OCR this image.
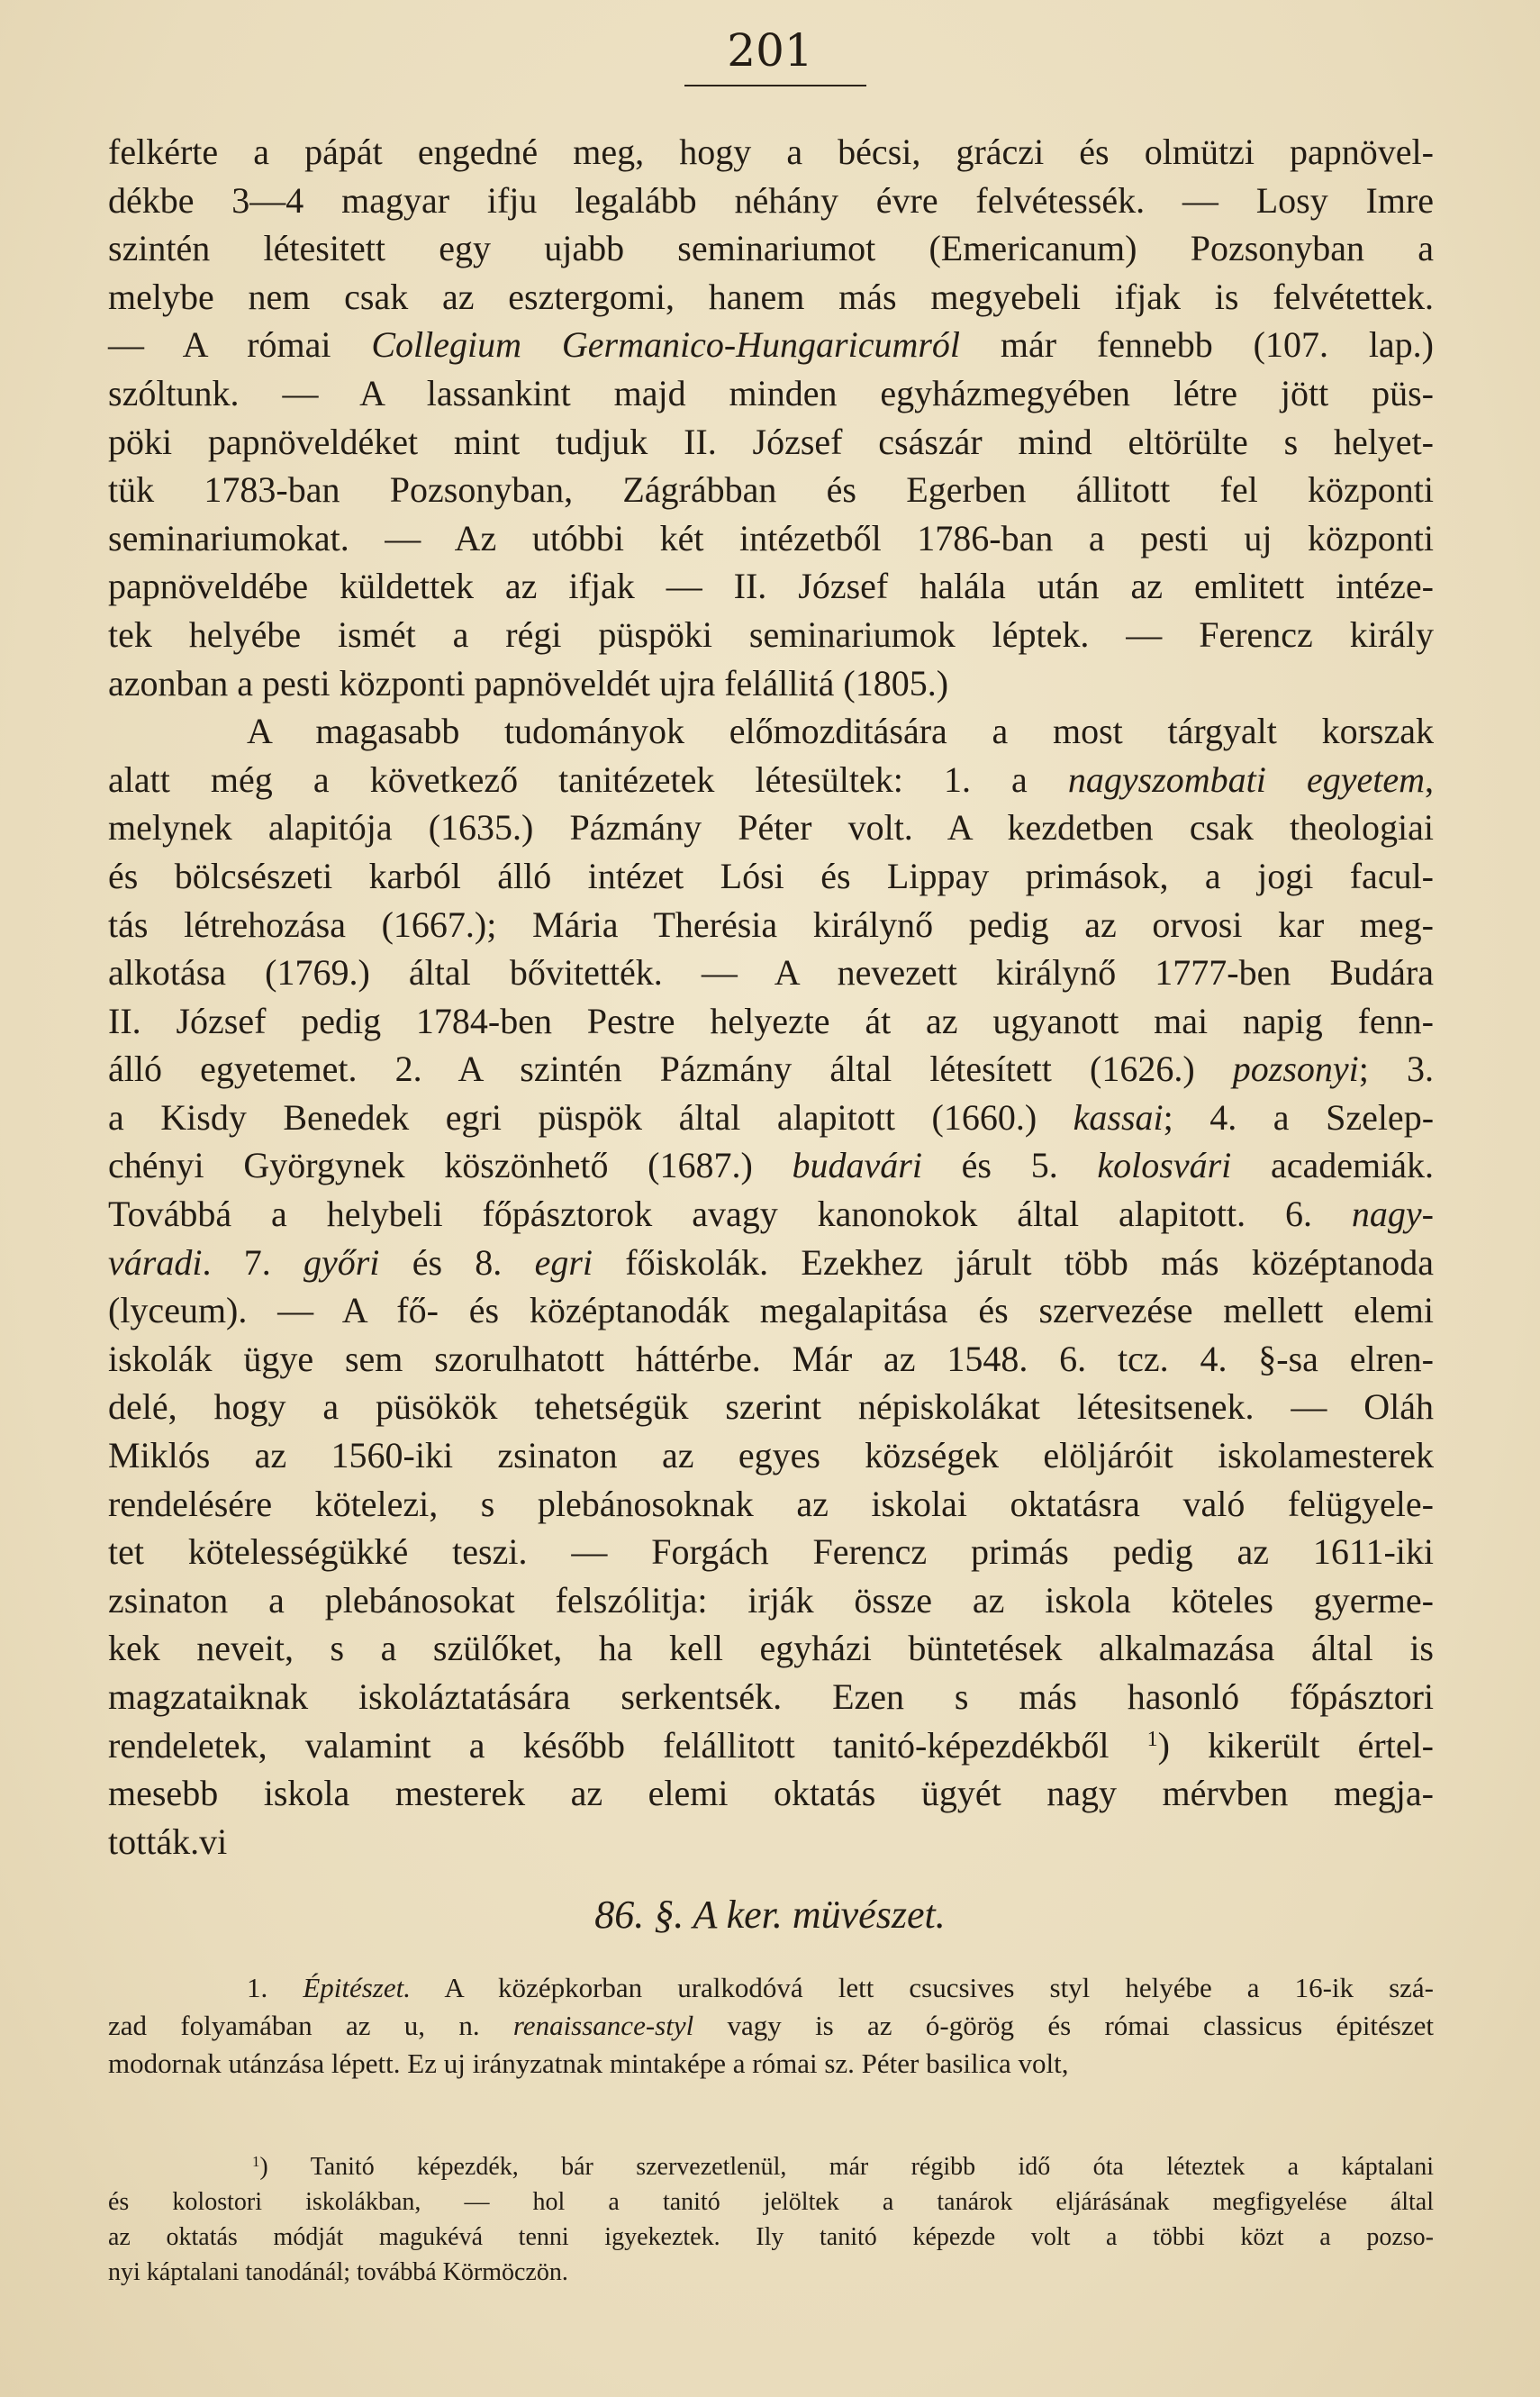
201

felkérte a pápát engedné meg, hogy a bécsi, gráczi és olmützi papnövel-

dékbe 3—4 magyar ifju legalább néhány évre felvétessék. — Losy Imre

szintén létesitett egy ujabb seminariumot (Emericanum) Pozsonyban a

melybe nem csak az esztergomi, hanem más megyebeli ifjak is felvétettek.

— A római Collegium Germanico-Hungaricumról már fennebb (107. lap.)

szóltunk. — A lassankint majd minden egyházmegyében létre jött püs-

pöki papnöveldéket mint tudjuk II. József császár mind eltörülte s helyet-

tük 1783-ban Pozsonyban, Zágrábban és Egerben állitott fel központi

seminariumokat. — Az utóbbi két intézetből 1786-ban a pesti uj központi

papnöveldébe küldettek az ifjak — II. József halála után az emlitett intéze-

tek helyébe ismét a régi püspöki seminariumok léptek. — Ferencz király

azonban a pesti központi papnöveldét ujra felállitá (1805.)

A magasabb tudományok előmozditására a most tárgyalt korszak

alatt még a következő tanitézetek létesültek: 1. a nagyszombati egyetem,

melynek alapitója (1635.) Pázmány Péter volt. A kezdetben csak theologiai

és bölcsészeti karból álló intézet Lósi és Lippay primások, a jogi facul-

tás létrehozása (1667.); Mária Therésia királynő pedig az orvosi kar meg-

alkotása (1769.) által bővitették. — A nevezett királynő 1777-ben Budára

II. József pedig 1784-ben Pestre helyezte át az ugyanott mai napig fenn-

álló egyetemet. 2. A szintén Pázmány által létesített (1626.) pozsonyi; 3.

a Kisdy Benedek egri püspök által alapitott (1660.) kassai; 4. a Szelep-

chényi Györgynek köszönhető (1687.) budavári és 5. kolosvári academiák.

Továbbá a helybeli főpásztorok avagy kanonokok által alapitott. 6. nagy-

váradi. 7. győri és 8. egri főiskolák. Ezekhez járult több más középtanoda

(lyceum). — A fő- és középtanodák megalapitása és szervezése mellett elemi

iskolák ügye sem szorulhatott háttérbe. Már az 1548. 6. tcz. 4. §-sa elren-

delé, hogy a püsökök tehetségük szerint népiskolákat létesitsenek. — Oláh

Miklós az 1560-iki zsinaton az egyes községek elöljáróit iskolamesterek

rendelésére kötelezi, s plebánosoknak az iskolai oktatásra való felügyele-

tet kötelességükké teszi. — Forgách Ferencz primás pedig az 1611-iki

zsinaton a plebánosokat felszólitja: irják össze az iskola köteles gyerme-

kek neveit, s a szülőket, ha kell egyházi büntetések alkalmazása által is

magzataiknak iskoláztatására serkentsék. Ezen s más hasonló főpásztori

rendeletek, valamint a később felállitott tanitó-képezdékből $^1$) kikerült értel-

mesebb iskola mesterek az elemi oktatás ügyét nagy mérvben megja-

tották.vi

86. §. A ker. müvészet.

1. Épitészet. A középkorban uralkodóvá lett csucsives styl helyébe a 16-ik szá-

zad folyamában az u, n. renaissance-styl vagy is az ó-görög és római classicus épitészet

modornak utánzása lépett. Ez uj irányzatnak mintaképe a római sz. Péter basilica volt,

$^1$) Tanitó képezdék, bár szervezetlenül, már régibb idő óta léteztek a káptalani

és kolostori iskolákban, — hol a tanitó jelöltek a tanárok eljárásának megfigyelése által

az oktatás módját magukévá tenni igyekeztek. Ily tanitó képezde volt a többi közt a pozso-

nyi káptalani tanodánál; továbbá Körmöczön.
